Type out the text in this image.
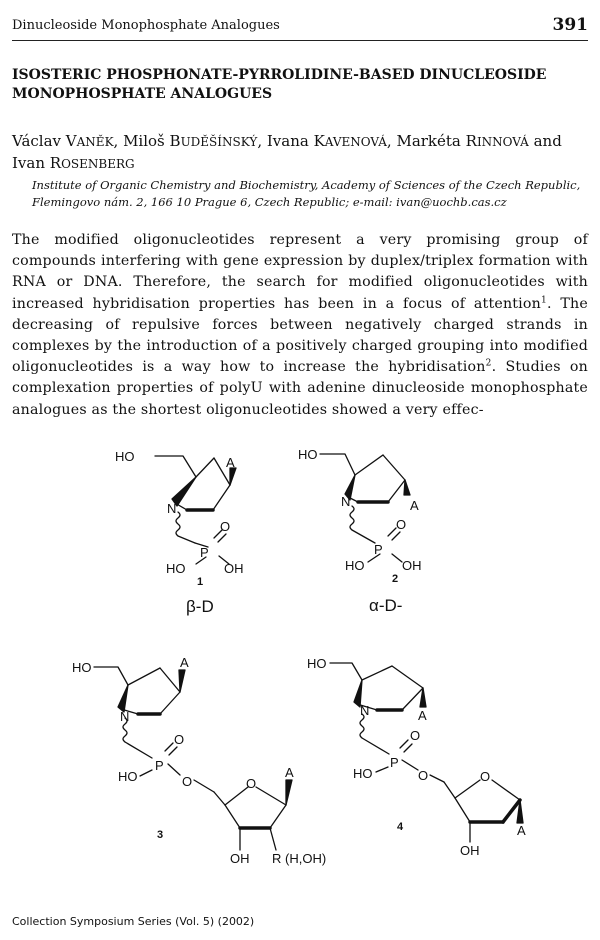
Dinucleoside Monophosphate Analogues	391
ISOSTERIC PHOSPHONATE-PYRROLIDINE-BASED DINUCLEOSIDE
MONOPHOSPHATE ANALOGUES
Václav VANĚK, Miloš BUDĚŠÍNSKÝ, Ivana KAVENOVÁ, Markéta RINNOVÁ and
Ivan ROSENBERG
Institute of Organic Chemistry and Biochemistry, Academy of Sciences of the Czech Republic,
Flemingovo nám. 2, 166 10 Prague 6, Czech Republic; e-mail: ivan@uochb.cas.cz
The modified oligonucleotides represent a very promising group of compounds interfering with gene expression by duplex/triplex formation with RNA or DNA. Therefore, the search for modified oligonucleotides with increased hybridisation properties has been in a focus of attention$^1$. The decreasing of repulsive forces between negatively charged strands in complexes by the introduction of a positively charged grouping into modified oligonucleotides is a way how to increase the hybridisation$^2$. Studies on complexation properties of polyU with adenine dinucleoside monophosphate analogues as the shortest oligonucleotides showed a very effec-
HO	A
N
P
O
HO	OH
HO
N	A
P
O
HO	OH
HO	A
N
P
O
HO	O	O
A
OH R (H,OH)
HO
N	A
P
O
HO	O	O
A
OH
1	2
3
4
β-D	α-D-
Collection Symposium Series (Vol. 5) (2002)
